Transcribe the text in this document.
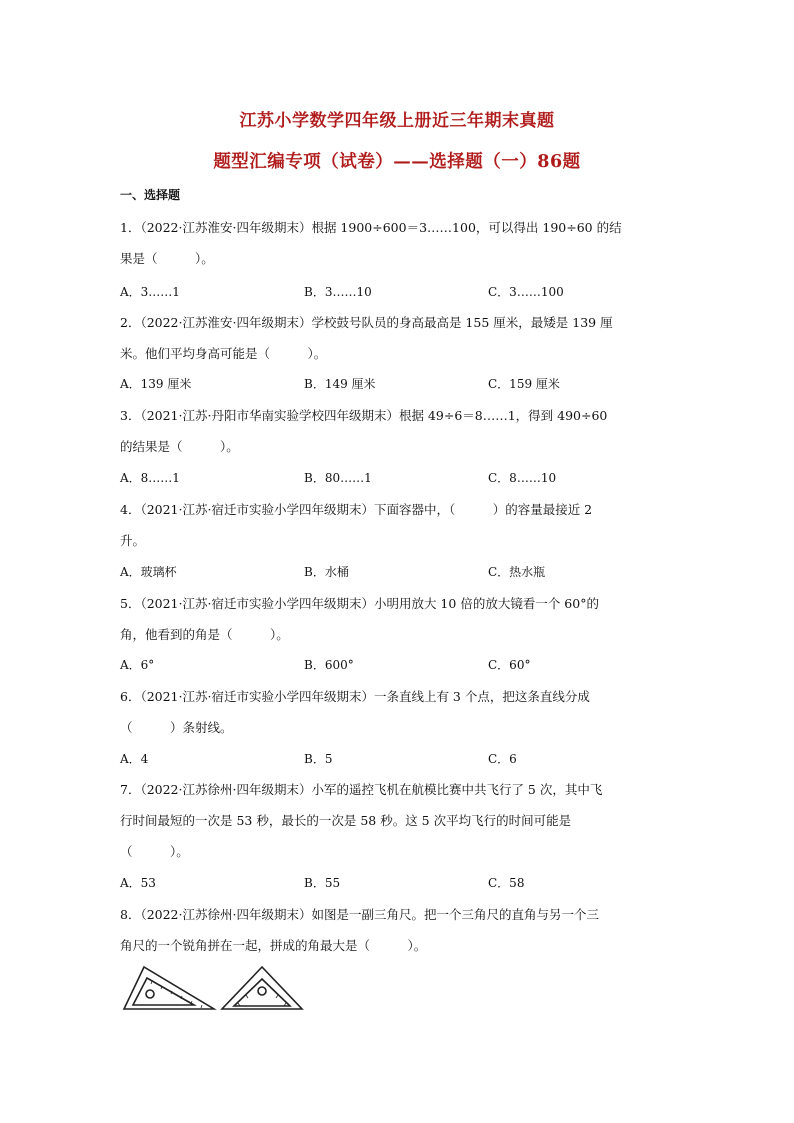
江苏小学数学四年级上册近三年期末真题
题型汇编专项（试卷）——选择题（一）86题
一、选择题
1．（2022·江苏淮安·四年级期末）根据 1900÷600＝3……100，可以得出 190÷60 的结
果是（　　　）。
A．3……1	B．3……10	C．3……100
2．（2022·江苏淮安·四年级期末）学校鼓号队员的身高最高是 155 厘米，最矮是 139 厘
米。他们平均身高可能是（　　　）。
A．139 厘米	B．149 厘米	C．159 厘米
3．（2021·江苏·丹阳市华南实验学校四年级期末）根据 49÷6＝8……1，得到 490÷60
的结果是（　　　）。
A．8……1	B．80……1	C．8……10
4．（2021·江苏·宿迁市实验小学四年级期末）下面容器中，（　　　）的容量最接近 2
升。
A．玻璃杯	B．水桶	C．热水瓶
5．（2021·江苏·宿迁市实验小学四年级期末）小明用放大 10 倍的放大镜看一个 60°的
角，他看到的角是（　　　）。
A．6°	B．600°	C．60°
6．（2021·江苏·宿迁市实验小学四年级期末）一条直线上有 3 个点，把这条直线分成
（　　　）条射线。
A．4	B．5	C．6
7．（2022·江苏徐州·四年级期末）小军的遥控飞机在航模比赛中共飞行了 5 次，其中飞
行时间最短的一次是 53 秒，最长的一次是 58 秒。这 5 次平均飞行的时间可能是
（　　　）。
A．53	B．55	C．58
8．（2022·江苏徐州·四年级期末）如图是一副三角尺。把一个三角尺的直角与另一个三
角尺的一个锐角拼在一起，拼成的角最大是（　　　）。
